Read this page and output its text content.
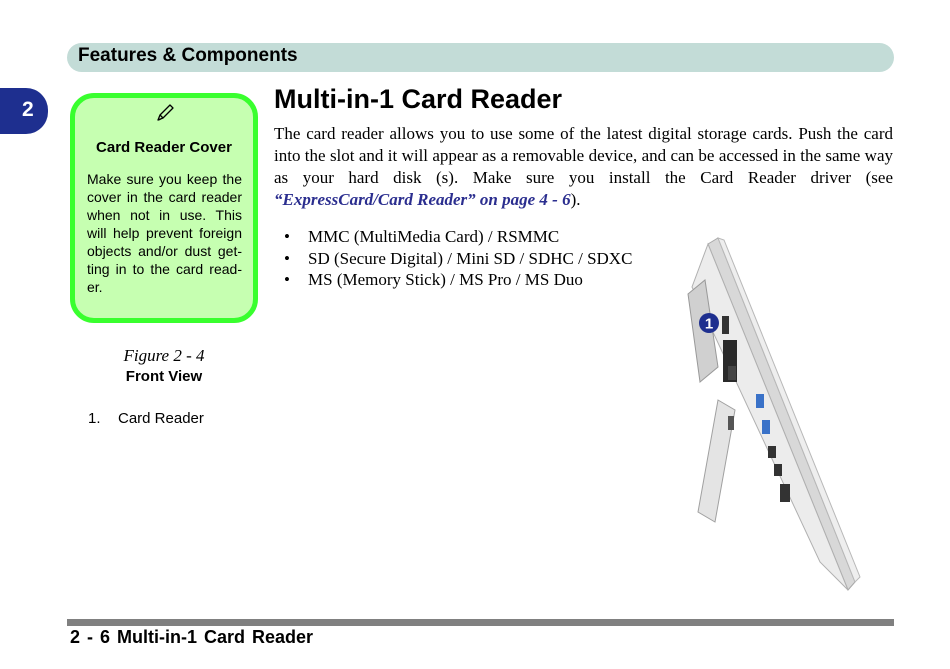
Features & Components
2
Card Reader Cover
Make sure you keep the cover in the card reader when not in use. This will help prevent foreign objects and/or dust get-ting in to the card read-er.
Figure 2 - 4
Front View
1. Card Reader
Multi-in-1 Card Reader
The card reader allows you to use some of the latest digital storage cards. Push the card into the slot and it will appear as a removable device, and can be accessed in the same way as your hard disk (s). Make sure you install the Card Reader driver (see “ExpressCard/Card Reader” on page 4 - 6).
• MMC (MultiMedia Card) / RSMMC
• SD (Secure Digital) / Mini SD / SDHC / SDXC
• MS (Memory Stick) / MS Pro / MS Duo
1
2 - 6 Multi-in-1 Card Reader
